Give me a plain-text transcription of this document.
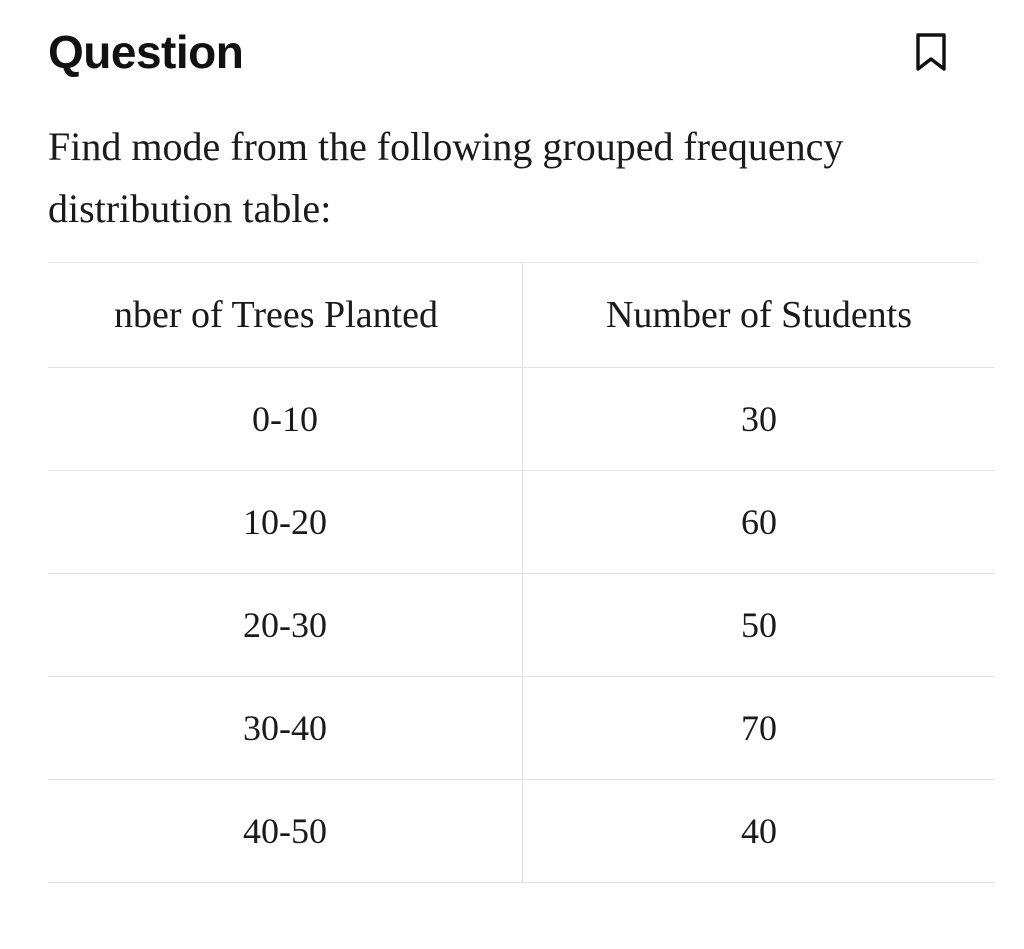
Question
Find mode from the following grouped frequency distribution table:
nber of Trees Planted	Number of Students
0-10	30
10-20	60
20-30	50
30-40	70
40-50	40
